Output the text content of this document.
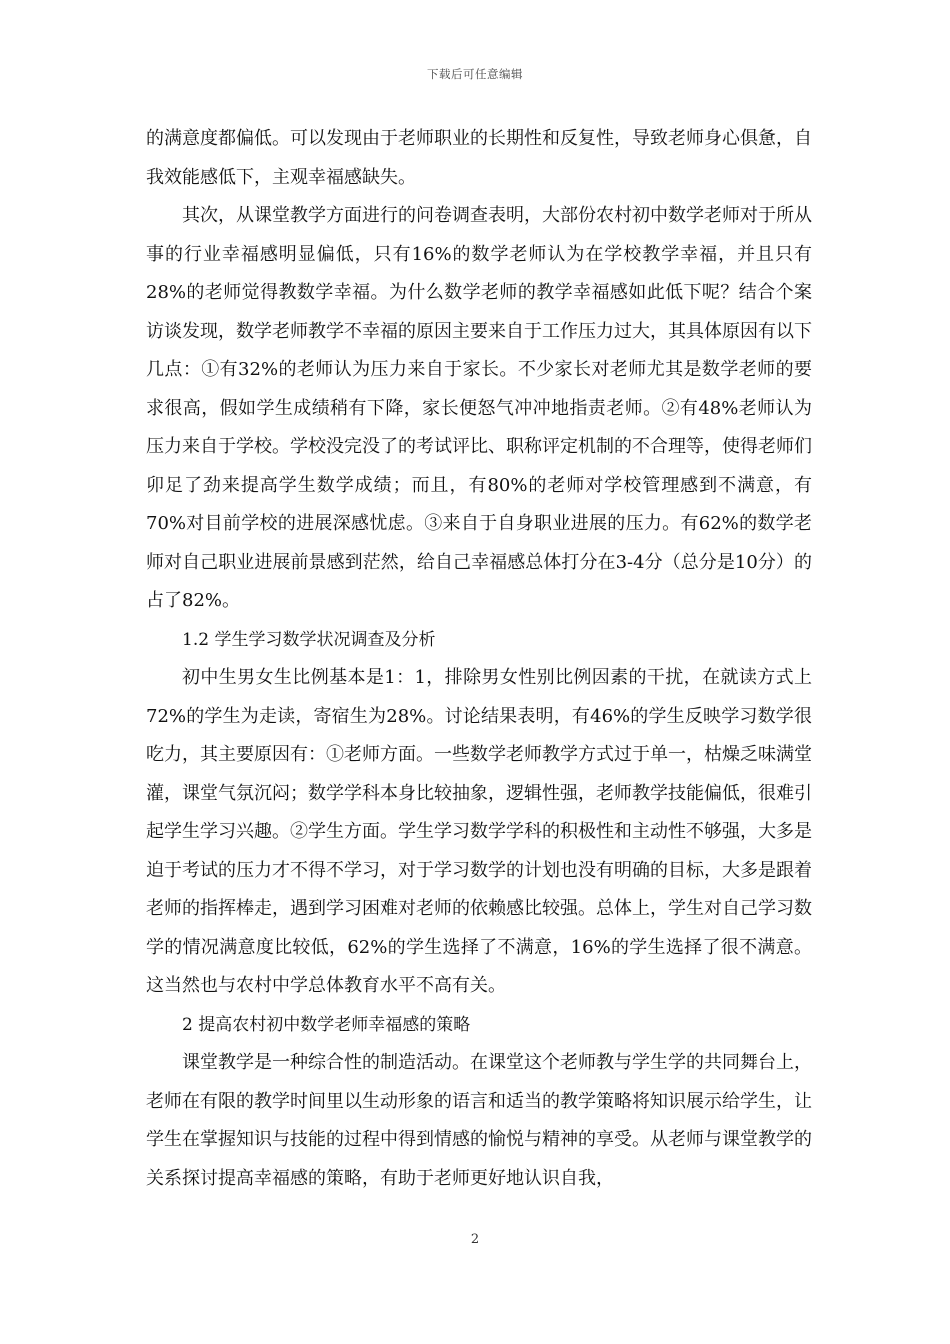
下载后可任意编辑

的满意度都偏低。可以发现由于老师职业的长期性和反复性，导致老师身心俱惫，自我效能感低下，主观幸福感缺失。

其次，从课堂教学方面进行的问卷调查表明，大部份农村初中数学老师对于所从事的行业幸福感明显偏低，只有16%的数学老师认为在学校教学幸福，并且只有28%的老师觉得教数学幸福。为什么数学老师的教学幸福感如此低下呢？结合个案访谈发现，数学老师教学不幸福的原因主要来自于工作压力过大，其具体原因有以下几点：①有32%的老师认为压力来自于家长。不少家长对老师尤其是数学老师的要求很高，假如学生成绩稍有下降，家长便怒气冲冲地指责老师。②有48%老师认为压力来自于学校。学校没完没了的考试评比、职称评定机制的不合理等，使得老师们卯足了劲来提高学生数学成绩；而且，有80%的老师对学校管理感到不满意，有70%对目前学校的进展深感忧虑。③来自于自身职业进展的压力。有62%的数学老师对自己职业进展前景感到茫然，给自己幸福感总体打分在3-4分（总分是10分）的占了82%。

1.2 学生学习数学状况调查及分析

初中生男女生比例基本是1：1，排除男女性别比例因素的干扰，在就读方式上72%的学生为走读，寄宿生为28%。讨论结果表明，有46%的学生反映学习数学很吃力，其主要原因有：①老师方面。一些数学老师教学方式过于单一，枯燥乏味满堂灌，课堂气氛沉闷；数学学科本身比较抽象，逻辑性强，老师教学技能偏低，很难引起学生学习兴趣。②学生方面。学生学习数学学科的积极性和主动性不够强，大多是迫于考试的压力才不得不学习，对于学习数学的计划也没有明确的目标，大多是跟着老师的指挥棒走，遇到学习困难对老师的依赖感比较强。总体上，学生对自己学习数学的情况满意度比较低，62%的学生选择了不满意，16%的学生选择了很不满意。这当然也与农村中学总体教育水平不高有关。

2 提高农村初中数学老师幸福感的策略

课堂教学是一种综合性的制造活动。在课堂这个老师教与学生学的共同舞台上，老师在有限的教学时间里以生动形象的语言和适当的教学策略将知识展示给学生，让学生在掌握知识与技能的过程中得到情感的愉悦与精神的享受。从老师与课堂教学的关系探讨提高幸福感的策略，有助于老师更好地认识自我，

2
